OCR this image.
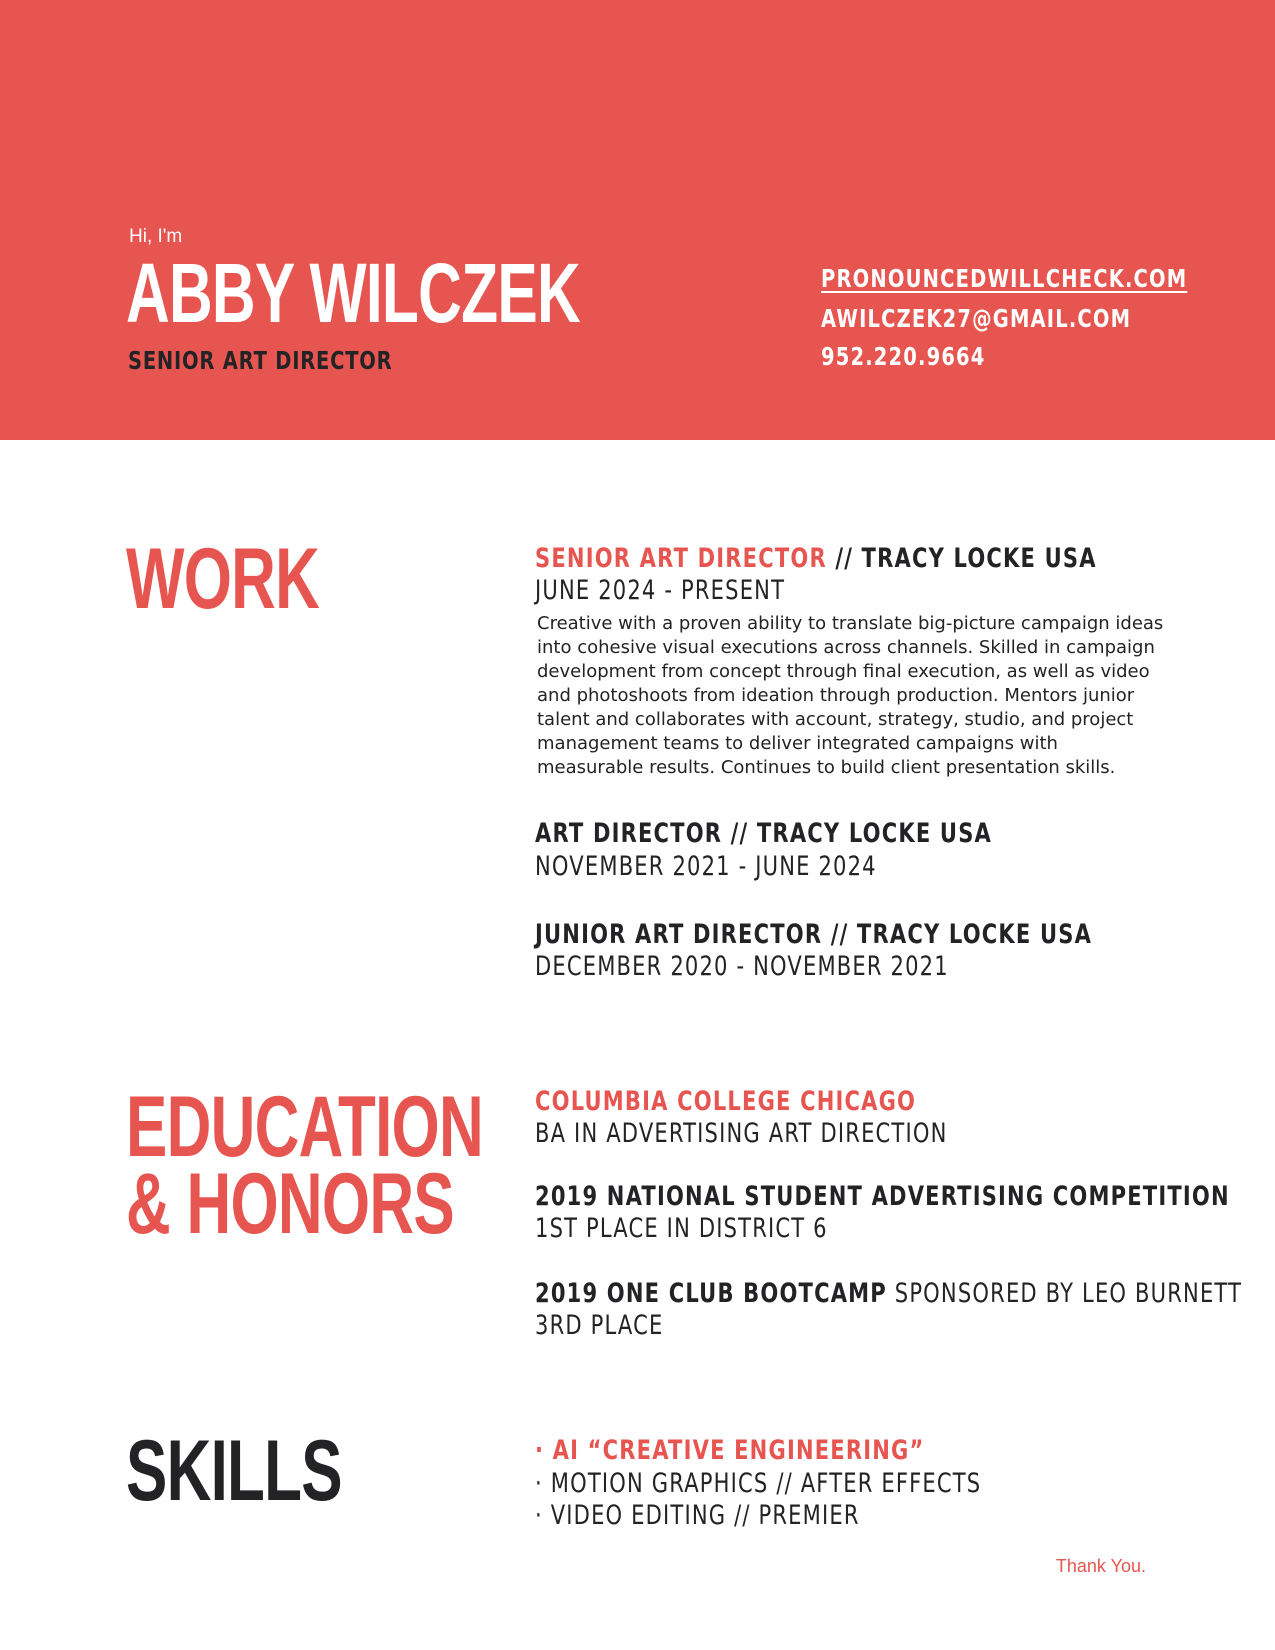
Hi, I'm
ABBY WILCZEK
SENIOR ART DIRECTOR
PRONOUNCEDWILLCHECK.COM
AWILCZEK27@GMAIL.COM
952.220.9664
WORK	SENIOR ART DIRECTOR // TRACY LOCKE USA
JUNE 2024 - PRESENT
Creative with a proven ability to translate big-picture campaign ideas into cohesive visual executions across channels. Skilled in campaign development from concept through final execution, as well as video and photoshoots from ideation through production. Mentors junior talent and collaborates with account, strategy, studio, and project management teams to deliver integrated campaigns with measurable results. Continues to build client presentation skills.
ART DIRECTOR // TRACY LOCKE USA
NOVEMBER 2021 - JUNE 2024
JUNIOR ART DIRECTOR // TRACY LOCKE USA
DECEMBER 2020 - NOVEMBER 2021
EDUCATION
& HONORS
COLUMBIA COLLEGE CHICAGO
BA IN ADVERTISING ART DIRECTION
2019 NATIONAL STUDENT ADVERTISING COMPETITION
1ST PLACE IN DISTRICT 6
2019 ONE CLUB BOOTCAMP SPONSORED BY LEO BURNETT
3RD PLACE
SKILLS	· AI “CREATIVE ENGINEERING”
· MOTION GRAPHICS // AFTER EFFECTS
· VIDEO EDITING // PREMIER
Thank You.
